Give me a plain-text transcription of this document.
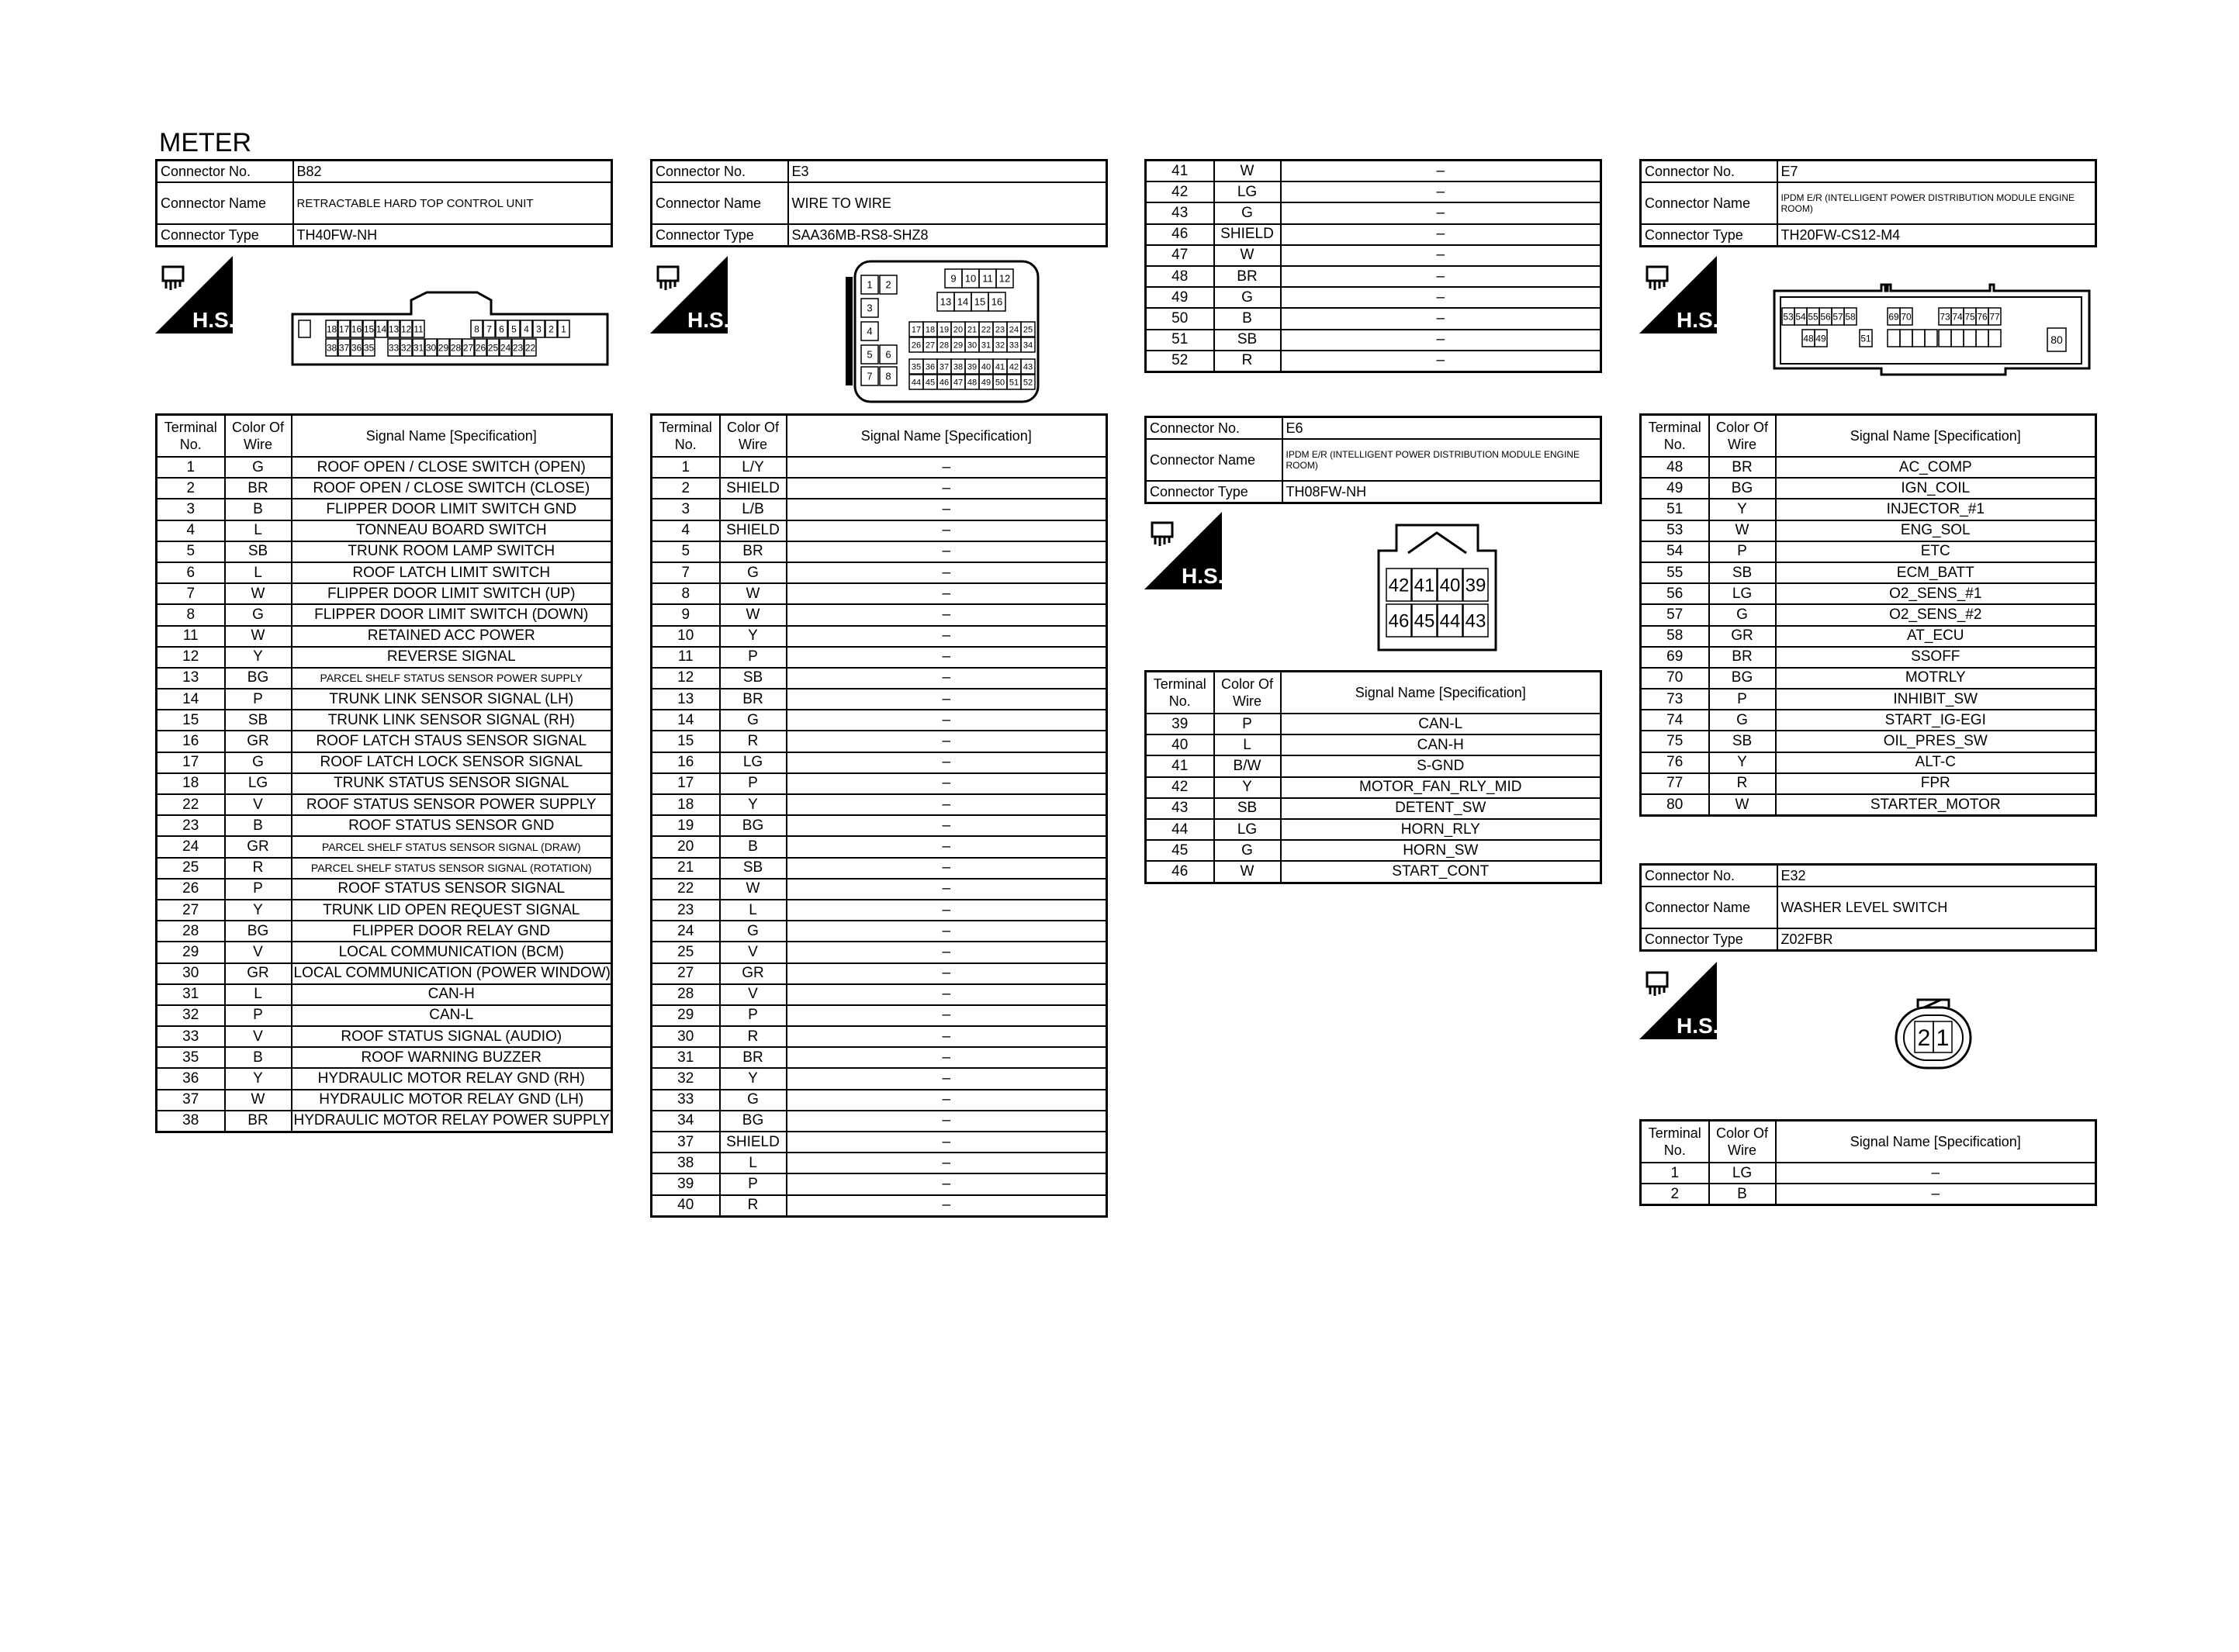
METER
Connector No.	B82
Connector Name	RETRACTABLE HARD TOP CONTROL UNIT
Connector Type	TH40FW-NH
H.S.	18 17 16 15 14 13 12 11	8 7 6 5 4 3 2 1
38 37 36 35 33 32 31 30 29 28 27 26 25 24 23 22
Terminal No.	Color Of Wire	Signal Name [Specification]
1	G	ROOF OPEN / CLOSE SWITCH (OPEN)
2	BR	ROOF OPEN / CLOSE SWITCH (CLOSE)
3	B	FLIPPER DOOR LIMIT SWITCH GND
4	L	TONNEAU BOARD SWITCH
5	SB	TRUNK ROOM LAMP SWITCH
6	L	ROOF LATCH LIMIT SWITCH
7	W	FLIPPER DOOR LIMIT SWITCH (UP)
8	G	FLIPPER DOOR LIMIT SWITCH (DOWN)
11	W	RETAINED ACC POWER
12	Y	REVERSE SIGNAL
13	BG	PARCEL SHELF STATUS SENSOR POWER SUPPLY
14	P	TRUNK LINK SENSOR SIGNAL (LH)
15	SB	TRUNK LINK SENSOR SIGNAL (RH)
16	GR	ROOF LATCH STAUS SENSOR SIGNAL
17	G	ROOF LATCH LOCK SENSOR SIGNAL
18	LG	TRUNK STATUS SENSOR SIGNAL
22	V	ROOF STATUS SENSOR POWER SUPPLY
23	B	ROOF STATUS SENSOR GND
24	GR	PARCEL SHELF STATUS SENSOR SIGNAL (DRAW)
25	R	PARCEL SHELF STATUS SENSOR SIGNAL (ROTATION)
26	P	ROOF STATUS SENSOR SIGNAL
27	Y	TRUNK LID OPEN REQUEST SIGNAL
28	BG	FLIPPER DOOR RELAY GND
29	V	LOCAL COMMUNICATION (BCM)
30	GR	LOCAL COMMUNICATION (POWER WINDOW)
31	L	CAN-H
32	P	CAN-L
33	V	ROOF STATUS SIGNAL (AUDIO)
35	B	ROOF WARNING BUZZER
36	Y	HYDRAULIC MOTOR RELAY GND (RH)
37	W	HYDRAULIC MOTOR RELAY GND (LH)
38	BR	HYDRAULIC MOTOR RELAY POWER SUPPLY
Connector No.	E3
Connector Name	WIRE TO WIRE
Connector Type	SAA36MB-RS8-SHZ8
H.S.
1 2
3
4
5 6
7 8
9 10 11 12
13 14 15 16
17 18 19 20 21 22 23 24 25
26 27 28 29 30 31 32 33 34
35 36 37 38 39 40 41 42 43
44 45 46 47 48 49 50 51 52
Terminal No.	Color Of Wire	Signal Name [Specification]
1	L/Y	–
2	SHIELD	–
3	L/B	–
4	SHIELD	–
5	BR	–
7	G	–
8	W	–
9	W	–
10	Y	–
11	P	–
12	SB	–
13	BR	–
14	G	–
15	R	–
16	LG	–
17	P	–
18	Y	–
19	BG	–
20	B	–
21	SB	–
22	W	–
23	L	–
24	G	–
25	V	–
27	GR	–
28	V	–
29	P	–
30	R	–
31	BR	–
32	Y	–
33	G	–
34	BG	–
37	SHIELD	–
38	L	–
39	P	–
40	R	–
41	W	–
42	LG	–
43	G	–
46	SHIELD	–
47	W	–
48	BR	–
49	G	–
50	B	–
51	SB	–
52	R	–
Connector No.	E6
Connector Name	IPDM E/R (INTELLIGENT POWER DISTRIBUTION MODULE ENGINE ROOM)
Connector Type	TH08FW-NH
H.S.	42 41 40 39
46 45 44 43
Terminal No.	Color Of Wire	Signal Name [Specification]
39	P	CAN-L
40	L	CAN-H
41	B/W	S-GND
42	Y	MOTOR_FAN_RLY_MID
43	SB	DETENT_SW
44	LG	HORN_RLY
45	G	HORN_SW
46	W	START_CONT
Connector No.	E7
Connector Name	IPDM E/R (INTELLIGENT POWER DISTRIBUTION MODULE ENGINE ROOM)
Connector Type	TH20FW-CS12-M4
H.S.	53 54 55 56 57 58	69 70	73 74 75 76 77
48 49	51	80
Terminal No.	Color Of Wire	Signal Name [Specification]
48	BR	AC_COMP
49	BG	IGN_COIL
51	Y	INJECTOR_#1
53	W	ENG_SOL
54	P	ETC
55	SB	ECM_BATT
56	LG	O2_SENS_#1
57	G	O2_SENS_#2
58	GR	AT_ECU
69	BR	SSOFF
70	BG	MOTRLY
73	P	INHIBIT_SW
74	G	START_IG-EGI
75	SB	OIL_PRES_SW
76	Y	ALT-C
77	R	FPR
80	W	STARTER_MOTOR
Connector No.	E32
Connector Name	WASHER LEVEL SWITCH
Connector Type	Z02FBR
H.S.	2 1
Terminal No.	Color Of Wire	Signal Name [Specification]
1	LG	–
2	B	–
